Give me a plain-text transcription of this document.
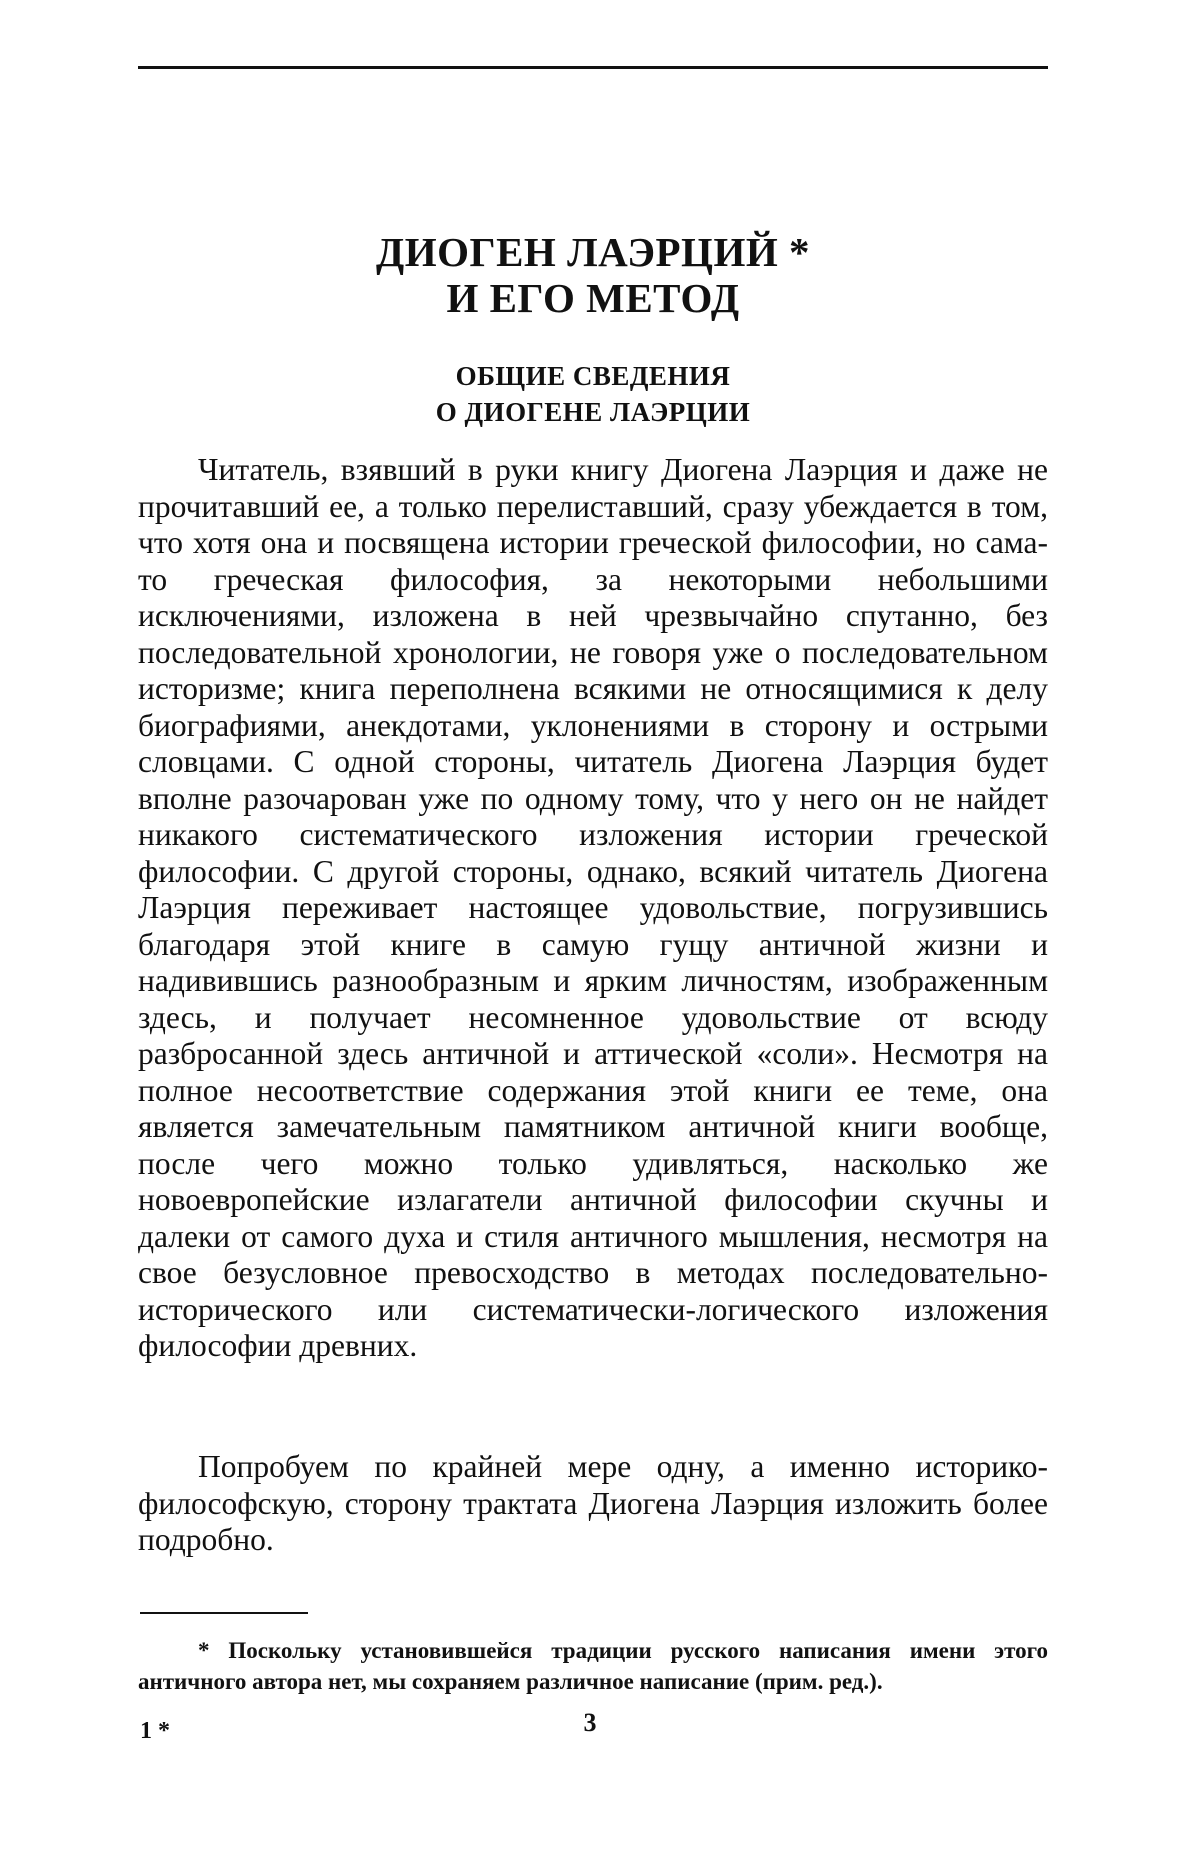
ДИОГЕН ЛАЭРЦИЙ *
И ЕГО МЕТОД
ОБЩИЕ СВЕДЕНИЯ
О ДИОГЕНЕ ЛАЭРЦИИ

Читатель, взявший в руки книгу Диогена Лаэрция и даже не прочитавший ее, а только перелиставший, сразу убеждается в том, что хотя она и посвящена истории греческой философии, но сама-то греческая философия, за некоторыми небольшими исключениями, изложена в ней чрезвычайно спутанно, без последовательной хронологии, не говоря уже о последовательном историзме; книга переполнена всякими не относящимися к делу биографиями, анекдотами, уклонениями в сторону и острыми словцами. С одной стороны, читатель Диогена Лаэрция будет вполне разочарован уже по одному тому, что у него он не найдет никакого систематического изложения истории греческой философии. С другой стороны, однако, всякий читатель Диогена Лаэрция переживает настоящее удовольствие, погрузившись благодаря этой книге в самую гущу античной жизни и надивившись разнообразным и ярким личностям, изображенным здесь, и получает несомненное удовольствие от всюду разбросанной здесь античной и аттической «соли». Несмотря на полное несоответствие содержания этой книги ее теме, она является замечательным памятником античной книги вообще, после чего можно только удивляться, насколько же новоевропейские излагатели античной философии скучны и далеки от самого духа и стиля античного мышления, несмотря на свое безусловное превосходство в методах последовательно-исторического или систематически-логического изложения философии древних.

Попробуем по крайней мере одну, а именно историко-философскую, сторону трактата Диогена Лаэрция изложить более подробно.

* Поскольку установившейся традиции русского написания имени этого античного автора нет, мы сохраняем различное написание (прим. ред.).

1 *	3
